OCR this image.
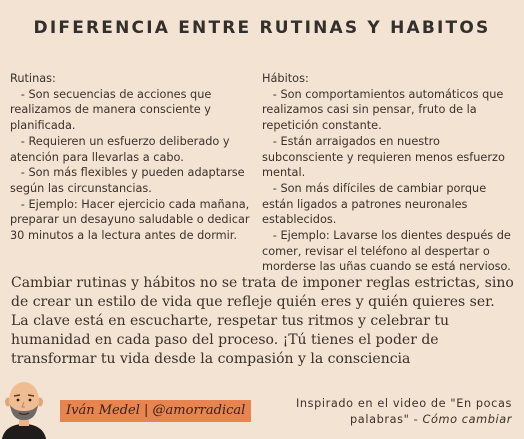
DIFERENCIA ENTRE RUTINAS Y HABITOS
Rutinas:
- Son secuencias de acciones que realizamos de manera consciente y planificada.
- Requieren un esfuerzo deliberado y atención para llevarlas a cabo.
- Son más flexibles y pueden adaptarse según las circunstancias.
- Ejemplo: Hacer ejercicio cada mañana, preparar un desayuno saludable o dedicar 30 minutos a la lectura antes de dormir.
Hábitos:
- Son comportamientos automáticos que realizamos casi sin pensar, fruto de la repetición constante.
- Están arraigados en nuestro subconsciente y requieren menos esfuerzo mental.
- Son más difíciles de cambiar porque están ligados a patrones neuronales establecidos.
- Ejemplo: Lavarse los dientes después de comer, revisar el teléfono al despertar o morderse las uñas cuando se está nervioso.

Cambiar rutinas y hábitos no se trata de imponer reglas estrictas, sino de crear un estilo de vida que refleje quién eres y quién quieres ser. La clave está en escucharte, respetar tus ritmos y celebrar tu humanidad en cada paso del proceso. ¡Tú tienes el poder de transformar tu vida desde la compasión y la consciencia

Iván Medel | @amorradical	Inspirado en el video de "En pocas
palabras" - Cómo cambiar
